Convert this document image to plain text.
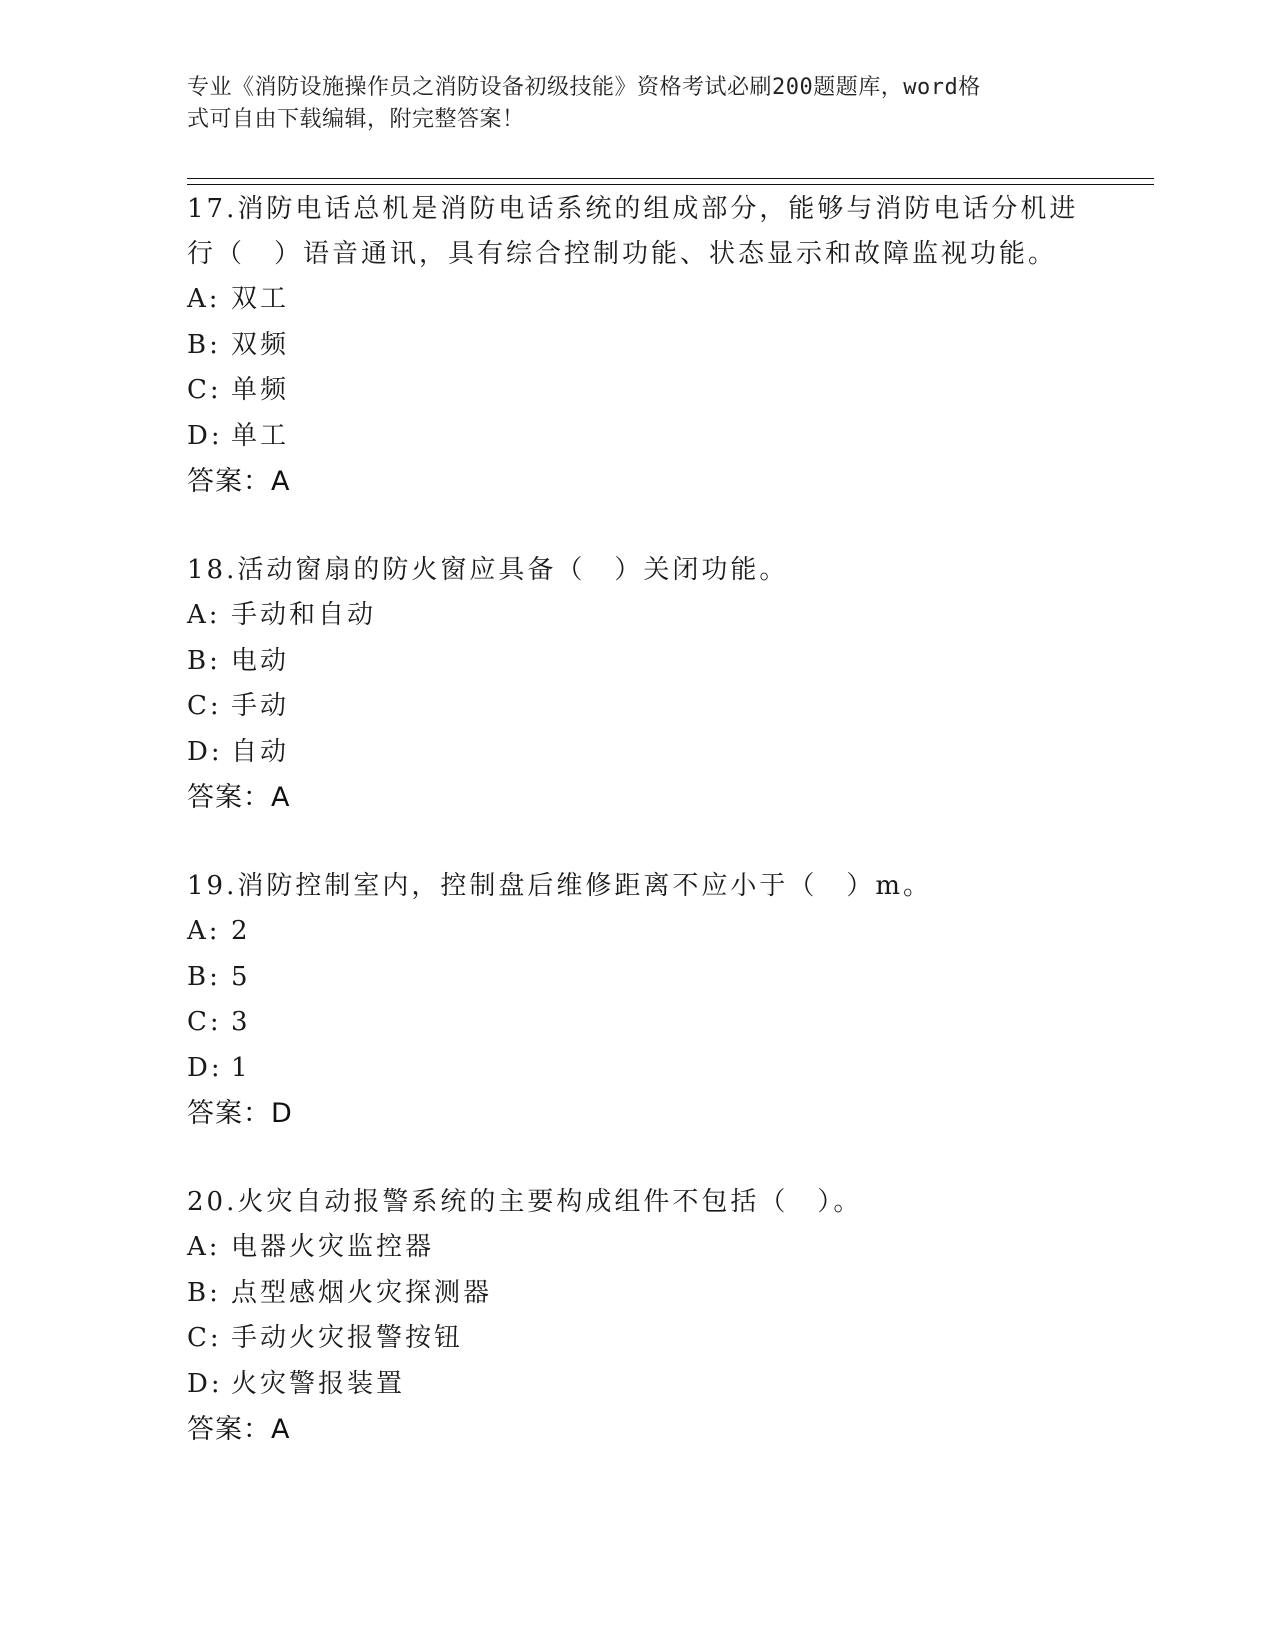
专业《消防设施操作员之消防设备初级技能》资格考试必刷200题题库，word格

式可自由下载编辑，附完整答案！

17.消防电话总机是消防电话系统的组成部分，能够与消防电话分机进

行（　）语音通讯，具有综合控制功能、状态显示和故障监视功能。

A: 双工
B: 双频
C: 单频
D: 单工
答案：A

18.活动窗扇的防火窗应具备（　）关闭功能。

A: 手动和自动
B: 电动
C: 手动
D: 自动
答案：A

19.消防控制室内，控制盘后维修距离不应小于（　）m。

A: 2
B: 5
C: 3
D: 1
答案：D

20.火灾自动报警系统的主要构成组件不包括（　）。

A: 电器火灾监控器
B: 点型感烟火灾探测器
C: 手动火灾报警按钮
D: 火灾警报装置
答案：A
